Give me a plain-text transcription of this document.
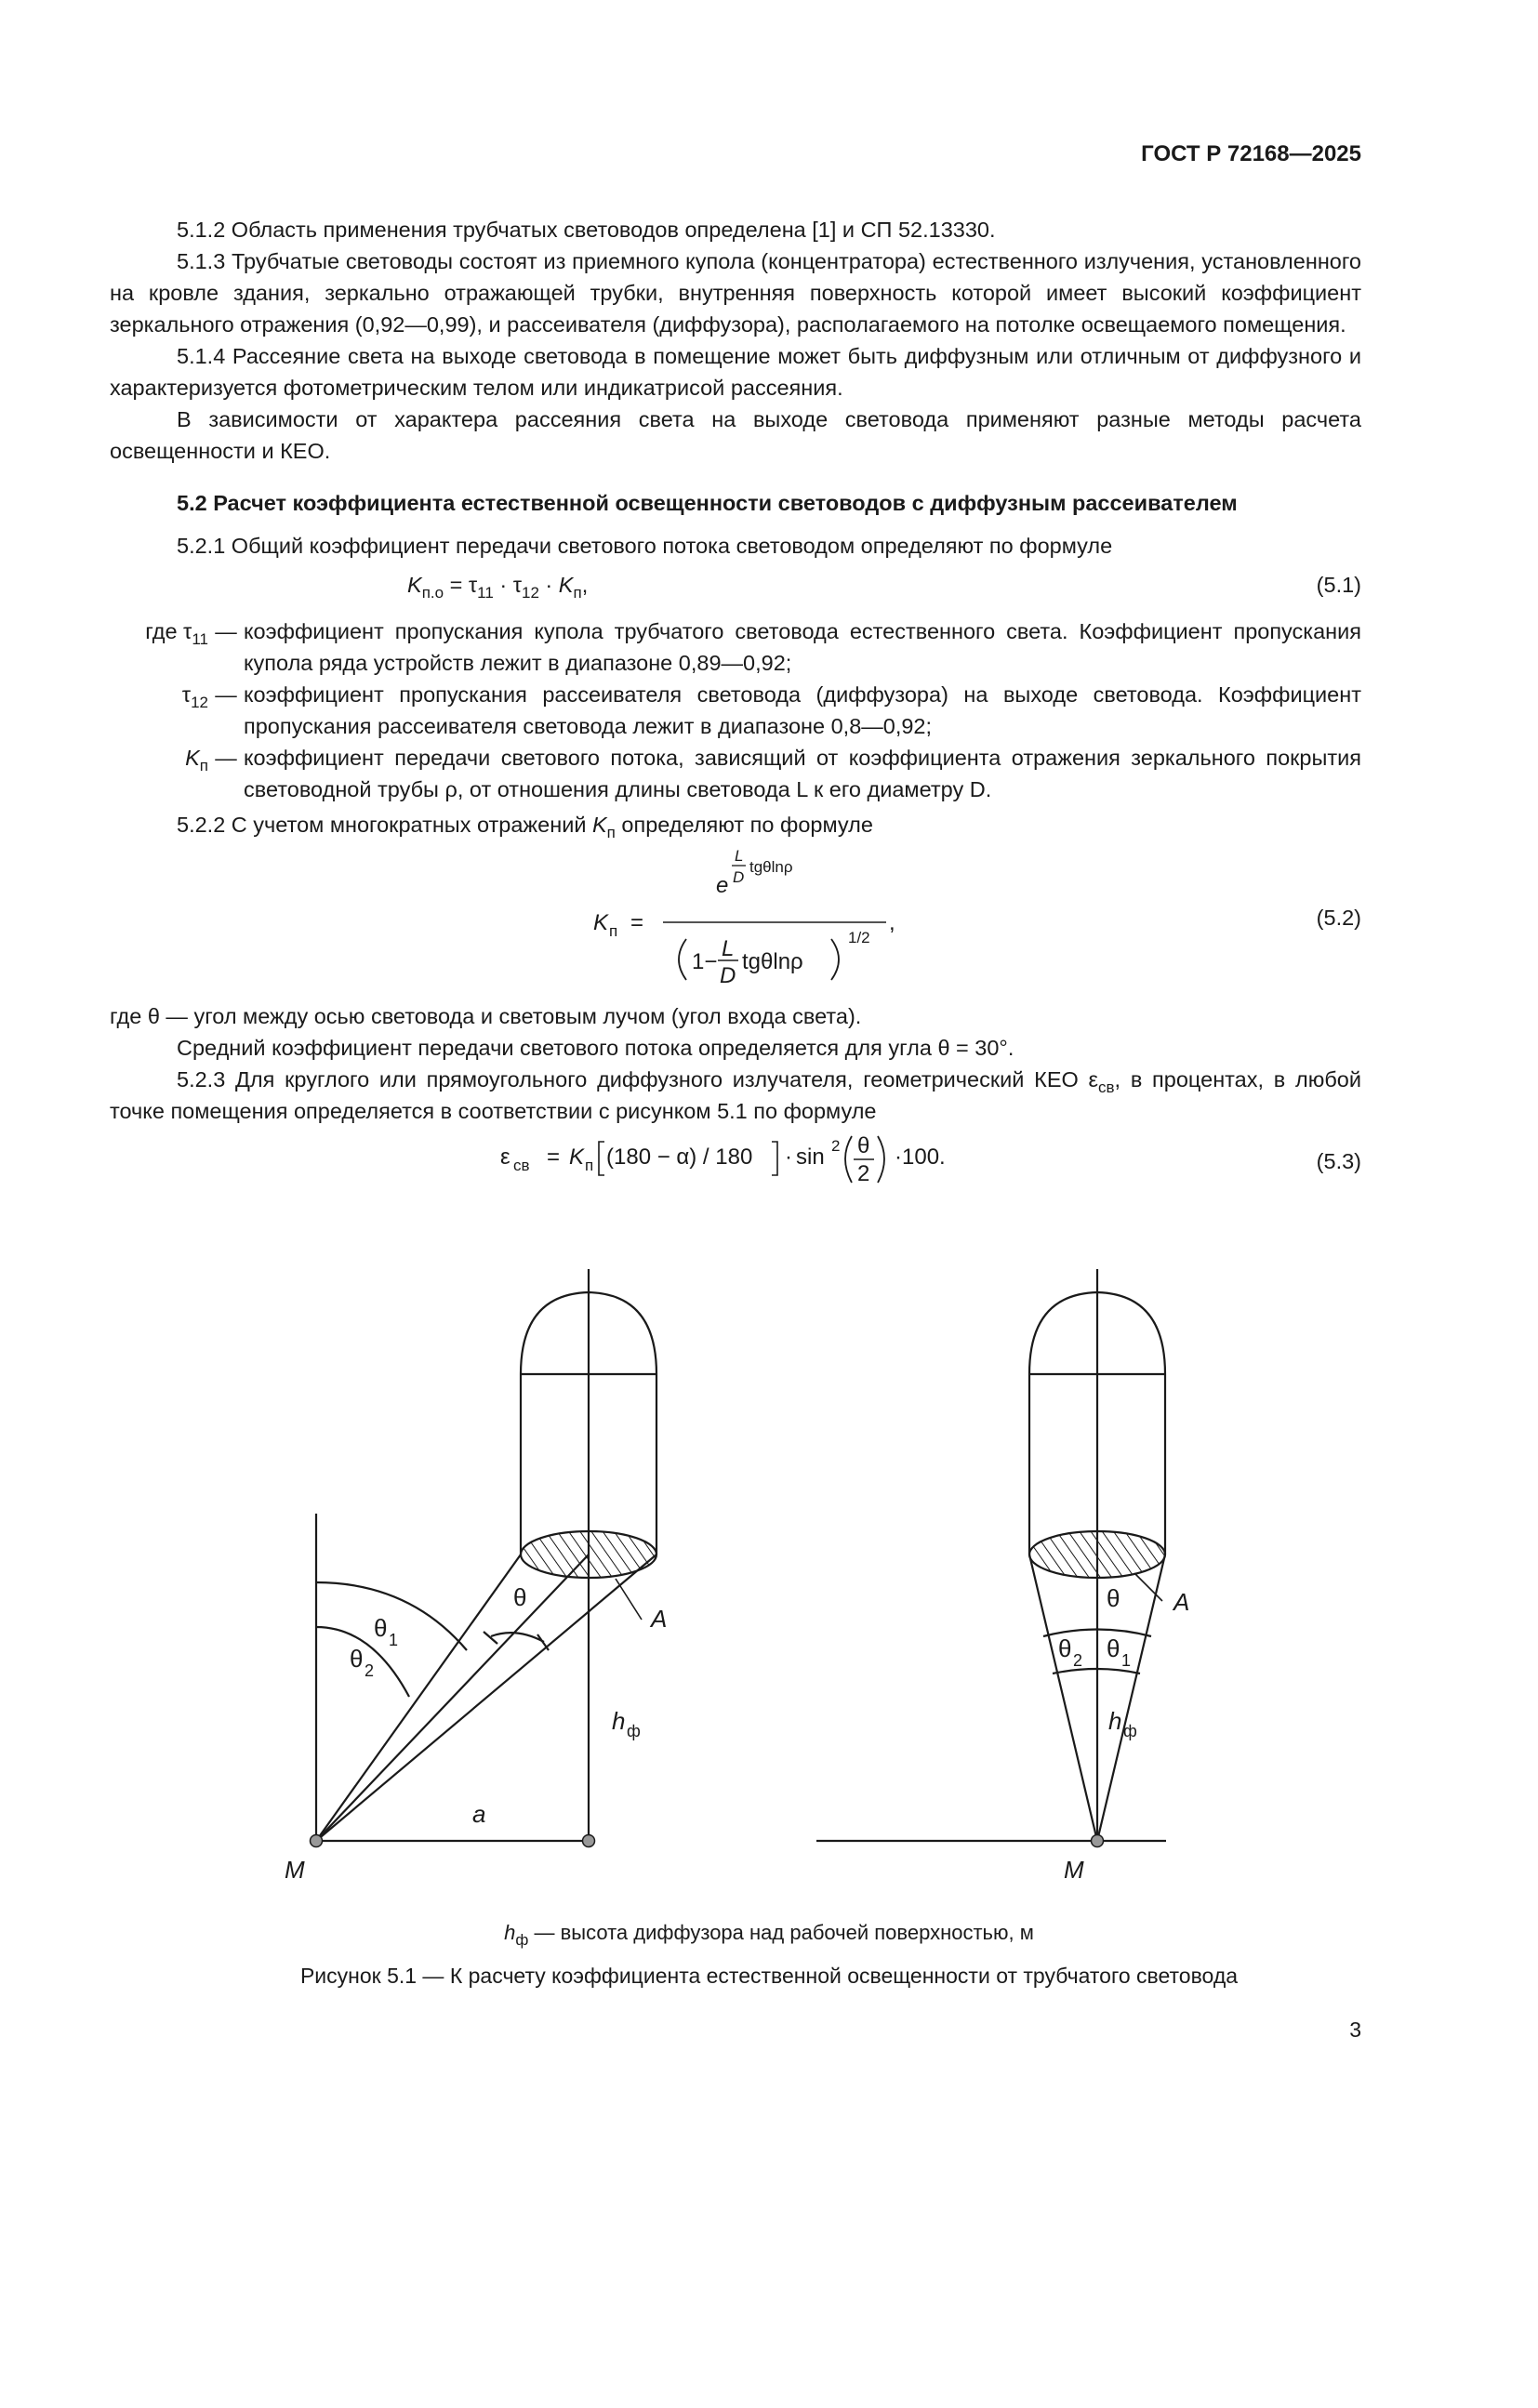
ГОСТ Р 72168—2025

5.1.2 Область применения трубчатых световодов определена [1] и СП 52.13330.

5.1.3 Трубчатые световоды состоят из приемного купола (концентратора) естественного излучения, установленного на кровле здания, зеркально отражающей трубки, внутренняя поверхность которой имеет высокий коэффициент зеркального отражения (0,92—0,99), и рассеивателя (диффузора), располагаемого на потолке освещаемого помещения.

5.1.4 Рассеяние света на выходе световода в помещение может быть диффузным или отличным от диффузного и характеризуется фотометрическим телом или индикатрисой рассеяния.

В зависимости от характера рассеяния света на выходе световода применяют разные методы расчета освещенности и КЕО.

5.2 Расчет коэффициента естественной освещенности световодов с диффузным рассеивателем

5.2.1 Общий коэффициент передачи светового потока световодом определяют по формуле

$K_{п.о} = \tau_{11} \cdot \tau_{12} \cdot K_п$,	(5.1)
где $\tau_{11}$ — коэффициент пропускания купола трубчатого световода естественного света. Коэффициент пропускания купола ряда устройств лежит в диапазоне 0,89—0,92;
$\tau_{12}$ — коэффициент пропускания рассеивателя световода (диффузора) на выходе световода. Коэффициент пропускания рассеивателя световода лежит в диапазоне 0,8—0,92;
$K_п$ — коэффициент передачи светового потока, зависящий от коэффициента отражения зеркального покрытия световодной трубы ρ, от отношения длины световода L к его диаметру D.

5.2.2 С учетом многократных отражений $K_п$ определяют по формуле

K п =
e
L
D
tgθlnρ
1−
L
D
tgθlnρ
1/2
,	(5.2)

где θ — угол между осью световода и световым лучом (угол входа света).

Средний коэффициент передачи светового потока определяется для угла θ = 30°.

5.2.3 Для круглого или прямоугольного диффузного излучателя, геометрический КЕО $\varepsilon_{св}$, в процентах, в любой точке помещения определяется в соответствии с рисунком 5.1 по формуле

ε св = K п (180 − α) / 180 · sin 2 θ
2
·100.	(5.3)
θ
θ 1
θ 2
A
h ф
a
M
θ
θ 2 θ 1
A
h ф
M
$h_ф$ — высота диффузора над рабочей поверхностью, м
Рисунок 5.1 — К расчету коэффициента естественной освещенности от трубчатого световода
3
